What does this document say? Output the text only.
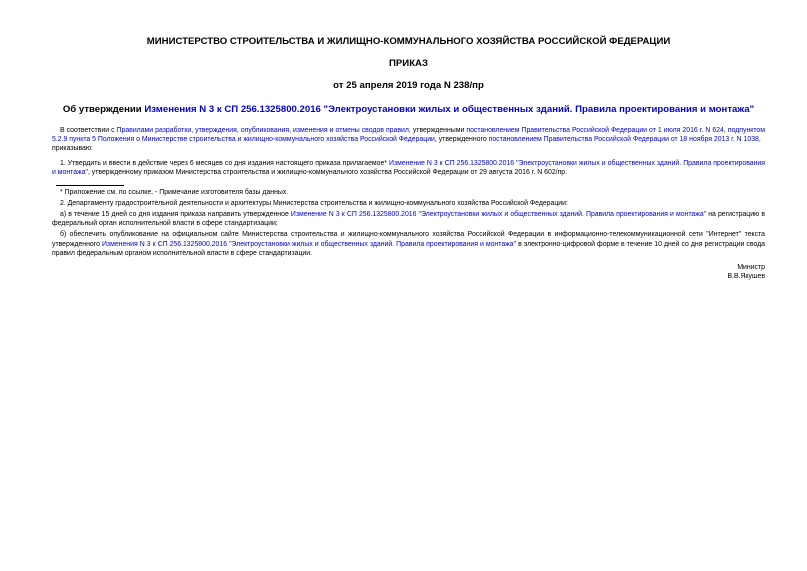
МИНИСТЕРСТВО СТРОИТЕЛЬСТВА И ЖИЛИЩНО-КОММУНАЛЬНОГО ХОЗЯЙСТВА РОССИЙСКОЙ ФЕДЕРАЦИИ

ПРИКАЗ

от 25 апреля 2019 года N 238/пр

Об утверждении Изменения N 3 к СП 256.1325800.2016 "Электроустановки жилых и общественных зданий. Правила проектирования и монтажа"

В соответствии с Правилами разработки, утверждения, опубликования, изменения и отмены сводов правил, утвержденными постановлением Правительства Российской Федерации от 1 июля 2016 г. N 624, подпунктом 5.2.9 пункта 5 Положения о Министерстве строительства и жилищно-коммунального хозяйства Российской Федерации, утвержденного постановлением Правительства Российской Федерации от 18 ноября 2013 г. N 1038,

приказываю:

1. Утвердить и ввести в действие через 6 месяцев со дня издания настоящего приказа прилагаемое* Изменение N 3 к СП 256.1325800.2016 "Электроустановки жилых и общественных зданий. Правила проектирования и монтажа", утвержденному приказом Министерства строительства и жилищно-коммунального хозяйства Российской Федерации от 29 августа 2016 г. N 602/пр.

* Приложение см. по ссылке. - Примечание изготовителя базы данных.

2. Департаменту градостроительной деятельности и архитектуры Министерства строительства и жилищно-коммунального хозяйства Российской Федерации:

а) в течение 15 дней со дня издания приказа направить утвержденное Изменение N 3 к СП 256.1325800.2016 "Электроустановки жилых и общественных зданий. Правила проектирования и монтажа" на регистрацию в федеральный орган исполнительной власти в сфере стандартизации;

б) обеспечить опубликование на официальном сайте Министерства строительства и жилищно-коммунального хозяйства Российской Федерации в информационно-телекоммуникационной сети "Интернет" текста утвержденного Изменения N 3 к СП 256.1325800.2016 "Электроустановки жилых и общественных зданий. Правила проектирования и монтажа" в электронно-цифровой форме в течение 10 дней со дня регистрации свода правил федеральным органом исполнительной власти в сфере стандартизации.

Министр

В.В.Якушев
